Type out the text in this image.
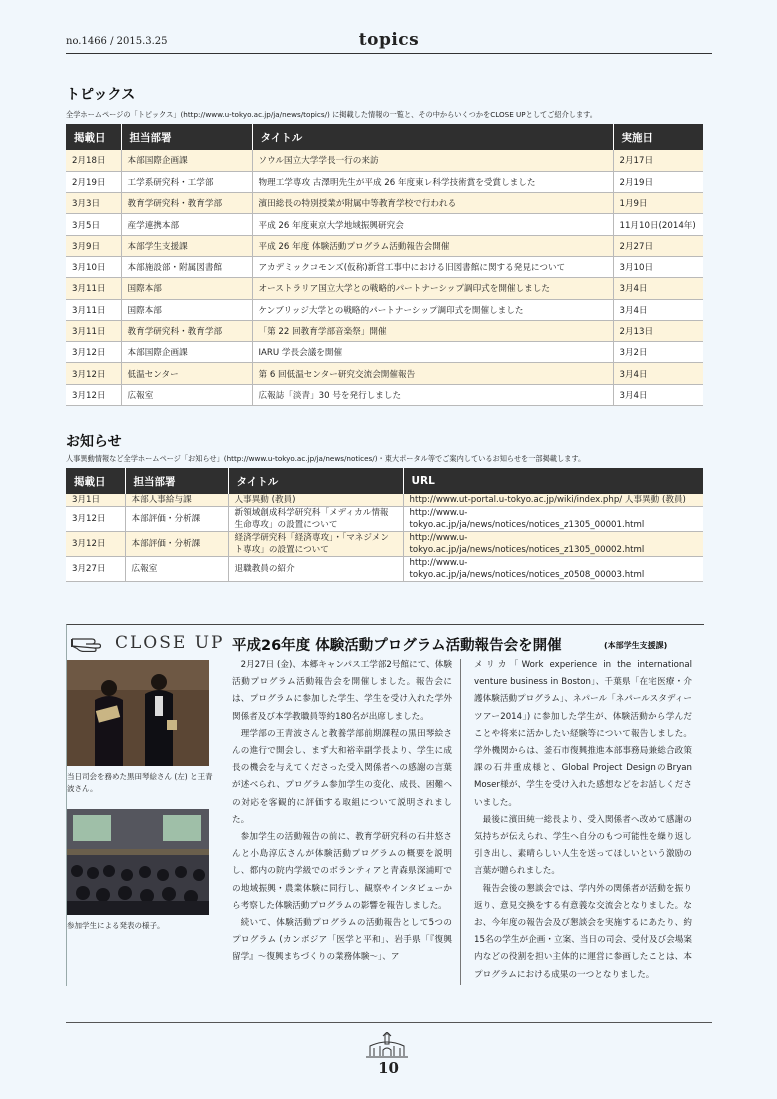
no.1466 / 2015.3.25	topics
トピックス
全学ホームページの「トピックス」(http://www.u-tokyo.ac.jp/ja/news/topics/) に掲載した情報の一覧と、その中からいくつかをCLOSE UPとしてご紹介します。
掲載日	担当部署	タイトル	実施日
2月18日	本部国際企画課	ソウル国立大学学長一行の来訪	2月17日
2月19日	工学系研究科・工学部	物理工学専攻 古澤明先生が平成 26 年度東レ科学技術賞を受賞しました	2月19日
3月3日	教育学研究科・教育学部	濱田総長の特別授業が附属中等教育学校で行われる	1月9日
3月5日	産学連携本部	平成 26 年度東京大学地域振興研究会	11月10日(2014年)
3月9日	本部学生支援課	平成 26 年度 体験活動プログラム活動報告会開催	2月27日
3月10日	本部施設部・附属図書館	アカデミックコモンズ(仮称)新営工事中における旧図書館に関する発見について	3月10日
3月11日	国際本部	オーストラリア国立大学との戦略的パートナーシップ調印式を開催しました	3月4日
3月11日	国際本部	ケンブリッジ大学との戦略的パートナーシップ調印式を開催しました	3月4日
3月11日	教育学研究科・教育学部	「第 22 回教育学部音楽祭」開催	2月13日
3月12日	本部国際企画課	IARU 学長会議を開催	3月2日
3月12日	低温センター	第 6 回低温センター研究交流会開催報告	3月4日
3月12日	広報室	広報誌「淡青」30 号を発行しました	3月4日
お知らせ
人事異動情報など全学ホームページ「お知らせ」(http://www.u-tokyo.ac.jp/ja/news/notices/)・東大ポータル等でご案内しているお知らせを一部掲載します。
掲載日	担当部署	タイトル	URL
3月1日	本部人事給与課	人事異動 (教員)	http://www.ut-portal.u-tokyo.ac.jp/wiki/index.php/ 人事異動 (教員)
3月12日	本部評価・分析課	新領域創成科学研究科「メディカル情報生命専攻」の設置について	http://www.u-tokyo.ac.jp/ja/news/notices/notices_z1305_00001.html
3月12日	本部評価・分析課	経済学研究科「経済専攻」・「マネジメント専攻」の設置について	http://www.u-tokyo.ac.jp/ja/news/notices/notices_z1305_00002.html
3月27日	広報室	退職教員の紹介	http://www.u-tokyo.ac.jp/ja/news/notices/notices_z0508_00003.html
CLOSE UP 平成26年度 体験活動プログラム活動報告会を開催	(本部学生支援課)
当日司会を務めた黒田琴絵さん (左) と王青波さん。
参加学生による発表の様子。

2月27日 (金)、本郷キャンパス工学部2号館にて、体験活動プログラム活動報告会を開催しました。報告会には、プログラムに参加した学生、学生を受け入れた学外関係者及び本学教職員等約180名が出席しました。

理学部の王青波さんと教養学部前期課程の黒田琴絵さんの進行で開会し、まず大和裕幸副学長より、学生に成長の機会を与えてくださった受入関係者への感謝の言葉が述べられ、プログラム参加学生の変化、成長、困難への対応を客観的に評価する取組について説明されました。

参加学生の活動報告の前に、教育学研究科の石井悠さんと小島淳広さんが体験活動プログラムの概要を説明し、都内の院内学級でのボランティアと青森県深浦町での地域振興・農業体験に同行し、観察やインタビューから考察した体験活動プログラムの影響を報告しました。

続いて、体験活動プログラムの活動報告として5つのプログラム (カンボジア「医学と平和」、岩手県「『復興留学』〜復興まちづくりの業務体験〜」、ア

メリカ「Work experience in the international venture business in Boston」、千葉県「在宅医療・介護体験活動プログラム」、ネパール「ネパールスタディーツアー2014」) に参加した学生が、体験活動から学んだことや将来に活かしたい経験等について報告しました。学外機関からは、釜石市復興推進本部事務局兼総合政策課の石井重成様と、Global Project DesignのBryan Moser様が、学生を受け入れた感想などをお話しくださいました。

最後に濱田純一総長より、受入関係者へ改めて感謝の気持ちが伝えられ、学生へ自分のもつ可能性を繰り返し引き出し、素晴らしい人生を送ってほしいという激励の言葉が贈られました。

報告会後の懇談会では、学内外の関係者が活動を振り返り、意見交換をする有意義な交流会となりました。なお、今年度の報告会及び懇談会を実施するにあたり、約15名の学生が企画・立案、当日の司会、受付及び会場案内などの役割を担い主体的に運営に参画したことは、本プログラムにおける成果の一つとなりました。

10
